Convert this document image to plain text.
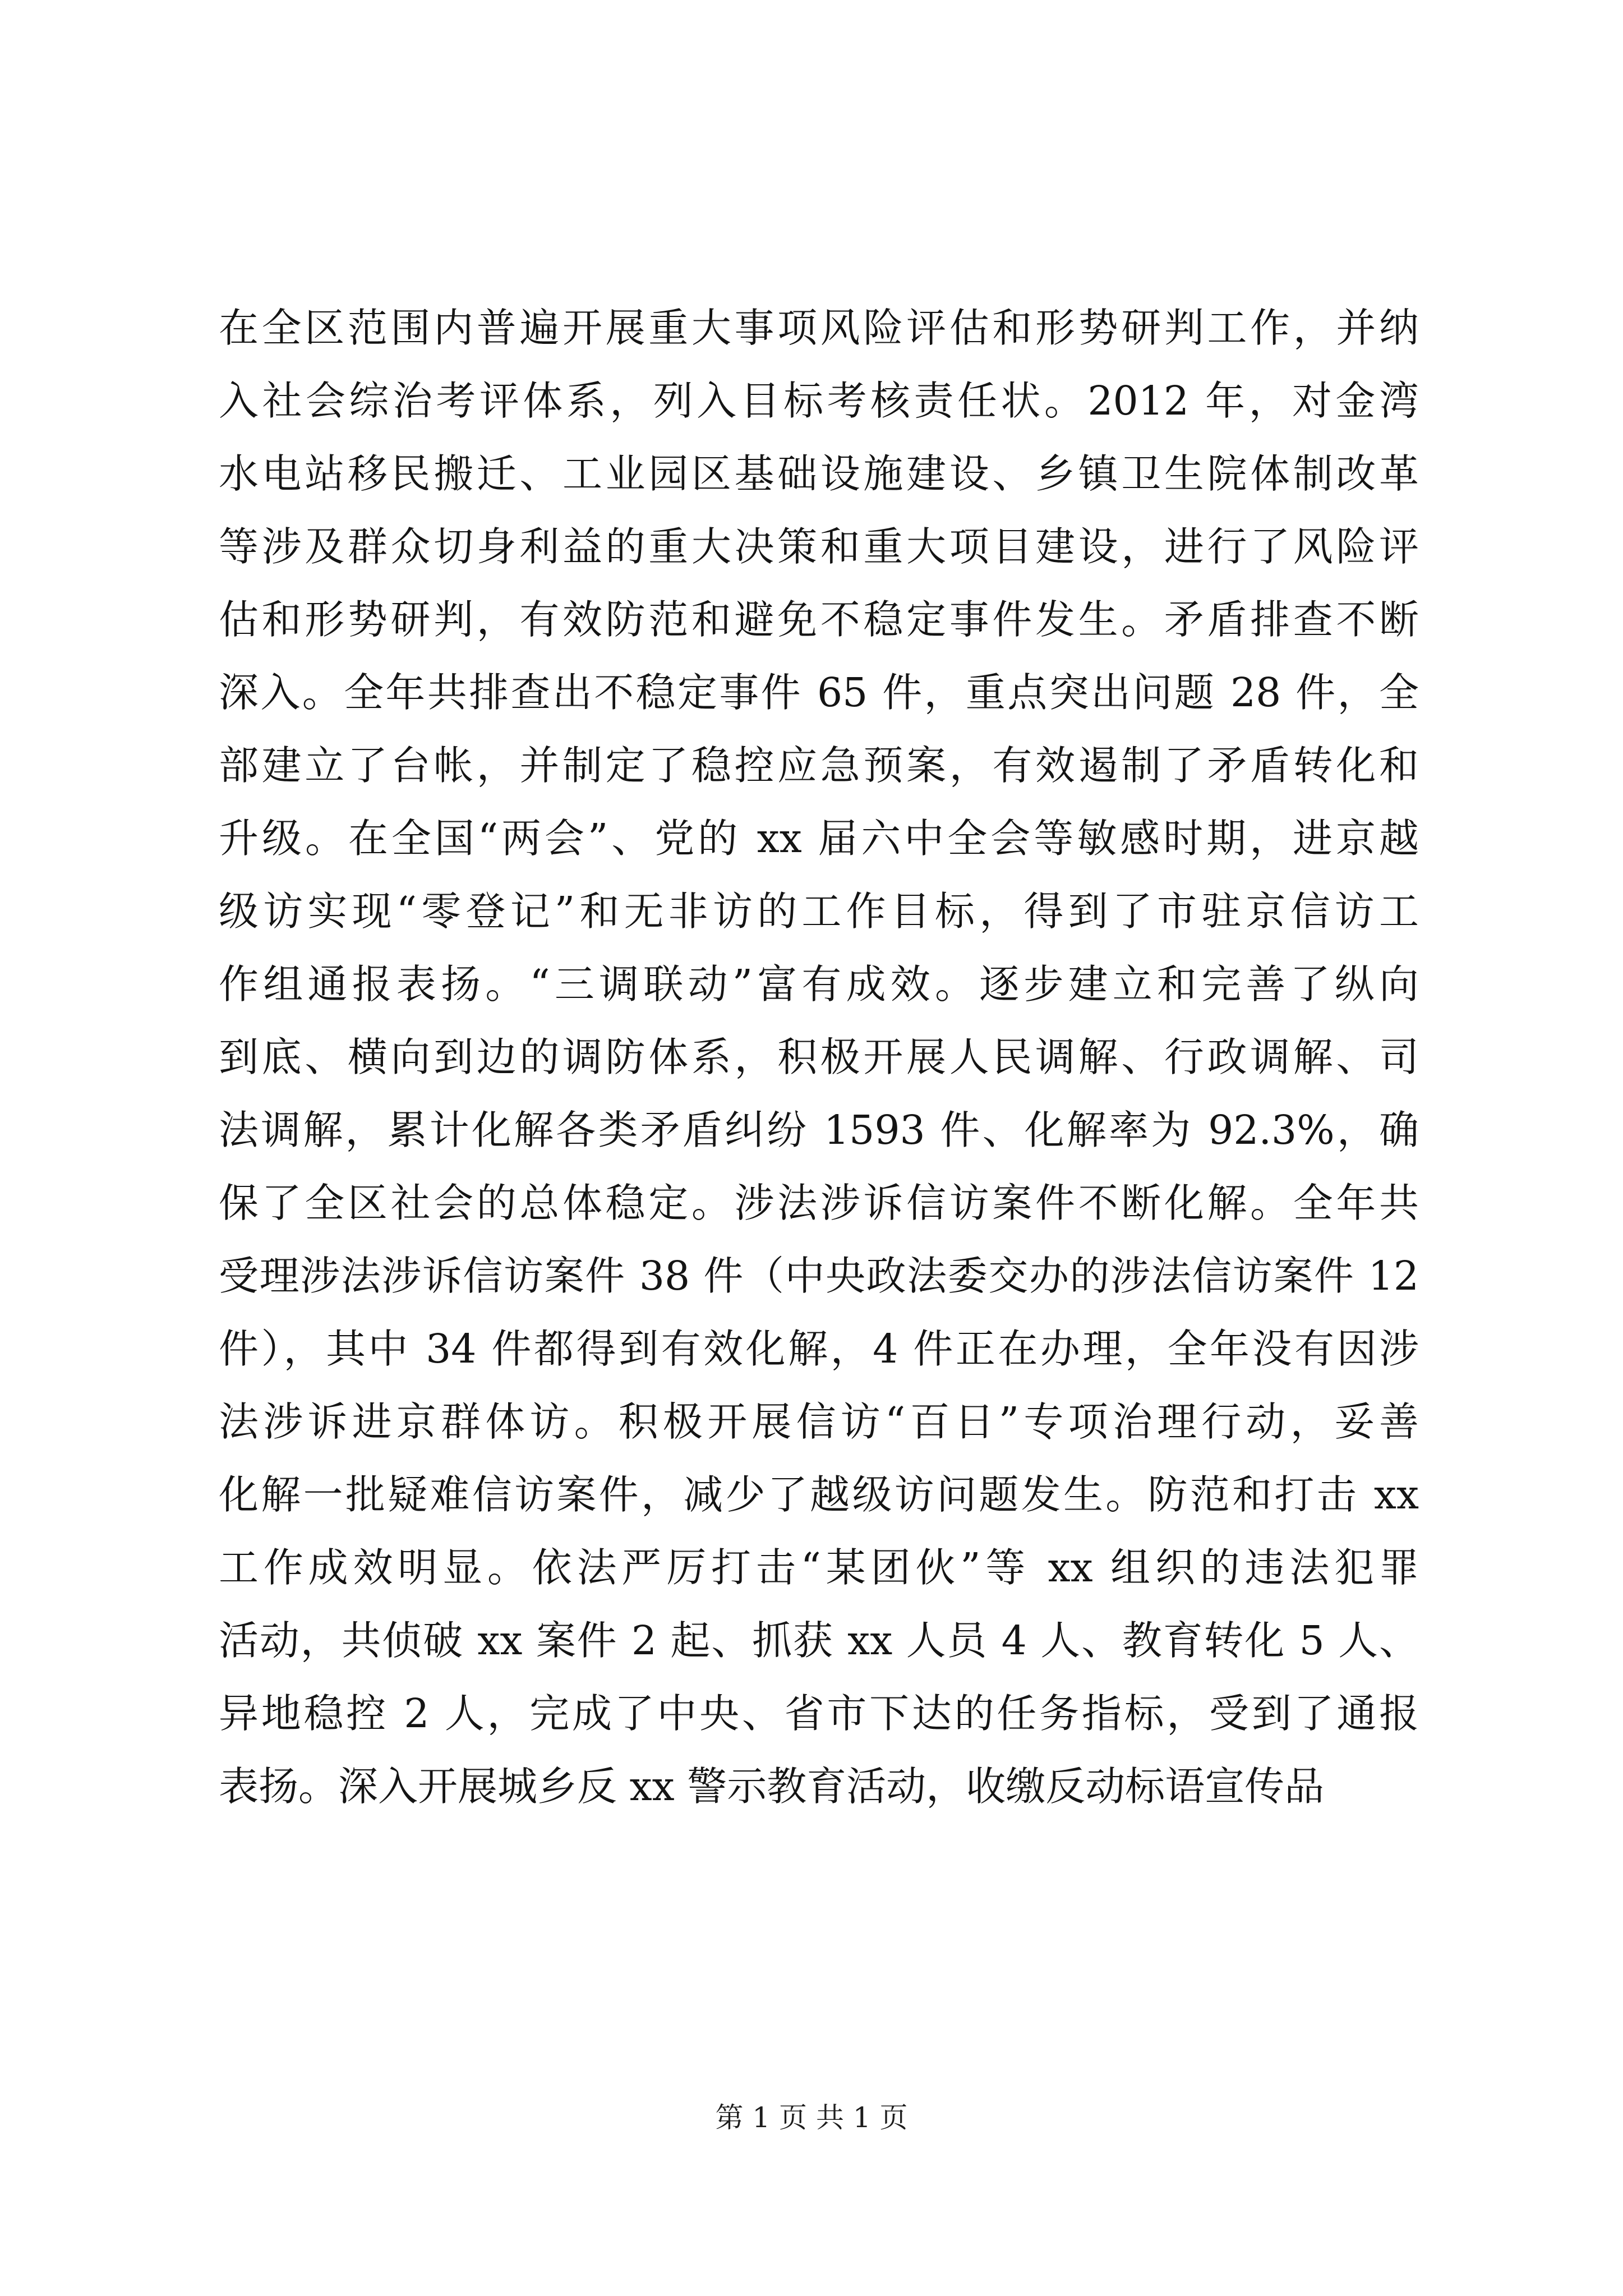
在全区范围内普遍开展重大事项风险评估和形势研判工作，并纳
入社会综治考评体系，列入目标考核责任状。2012 年，对金湾
水电站移民搬迁、工业园区基础设施建设、乡镇卫生院体制改革
等涉及群众切身利益的重大决策和重大项目建设，进行了风险评
估和形势研判，有效防范和避免不稳定事件发生。矛盾排查不断
深入。全年共排查出不稳定事件 65 件，重点突出问题 28 件，全
部建立了台帐，并制定了稳控应急预案，有效遏制了矛盾转化和
升级。在全国“两会”、党的 xx 届六中全会等敏感时期，进京越
级访实现“零登记”和无非访的工作目标，得到了市驻京信访工
作组通报表扬。“三调联动”富有成效。逐步建立和完善了纵向
到底、横向到边的调防体系，积极开展人民调解、行政调解、司
法调解，累计化解各类矛盾纠纷 1593 件、化解率为 92.3%，确
保了全区社会的总体稳定。涉法涉诉信访案件不断化解。全年共
受理涉法涉诉信访案件 38 件（中央政法委交办的涉法信访案件 12
件），其中 34 件都得到有效化解，4 件正在办理，全年没有因涉
法涉诉进京群体访。积极开展信访“百日”专项治理行动，妥善
化解一批疑难信访案件，减少了越级访问题发生。防范和打击 xx
工作成效明显。依法严厉打击“某团伙”等 xx 组织的违法犯罪
活动，共侦破 xx 案件 2 起、抓获 xx 人员 4 人、教育转化 5 人、
异地稳控 2 人，完成了中央、省市下达的任务指标，受到了通报
表扬。深入开展城乡反 xx 警示教育活动，收缴反动标语宣传品
第 1 页 共 1 页
